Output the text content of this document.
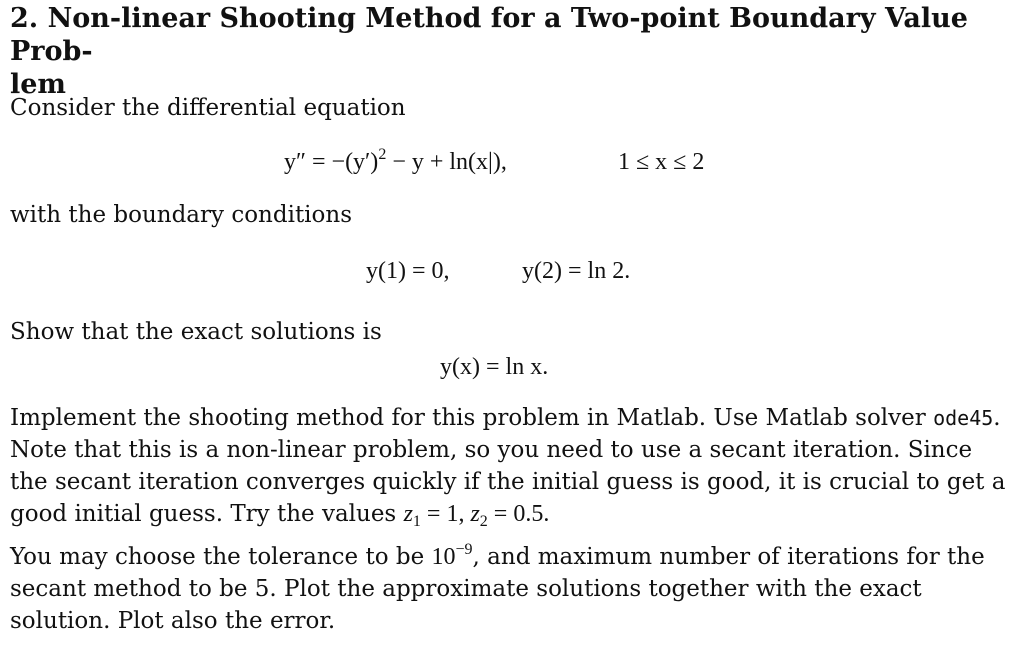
2. Non-linear Shooting Method for a Two-point Boundary Value Prob-
lem
Consider the differential equation
$y'' = -(y')^2 - y + \ln(x|)$,	1 ≤ x ≤ 2
with the boundary conditions
y(1) = 0,	y(2) = ln 2.
Show that the exact solutions is
y(x) = ln x.
Implement the shooting method for this problem in Matlab. Use Matlab solver ode45. Note that this is a non-linear problem, so you need to use a secant iteration. Since the secant iteration converges quickly if the initial guess is good, it is crucial to get a good initial guess. Try the values $z_1 = 1$, $z_2 = 0.5$.
You may choose the tolerance to be $10^{-9}$, and maximum number of iterations for the secant method to be 5. Plot the approximate solutions together with the exact solution. Plot also the error.
